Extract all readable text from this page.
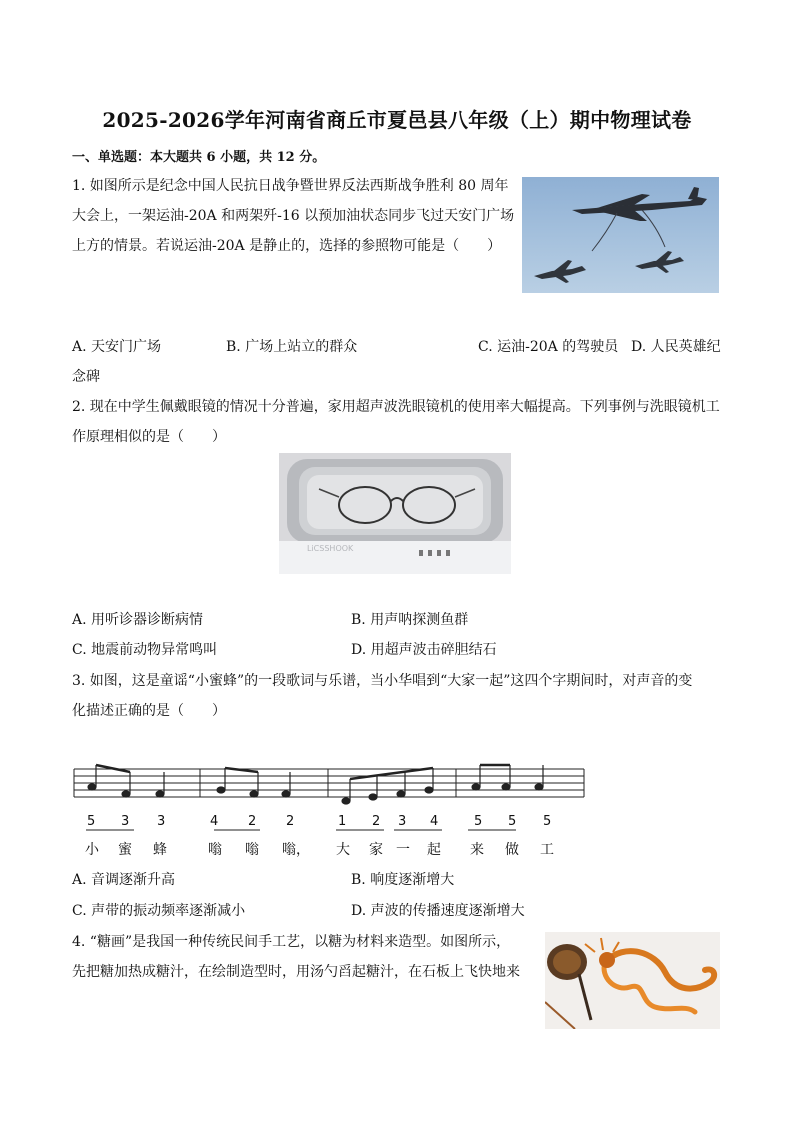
2025-2026学年河南省商丘市夏邑县八年级（上）期中物理试卷
一、单选题：本大题共 6 小题，共 12 分。
1. 如图所示是纪念中国人民抗日战争暨世界反法西斯战争胜利 80 周年
大会上，一架运油-20A 和两架歼-16 以预加油状态同步飞过天安门广场
上方的情景。若说运油-20A 是静止的，选择的参照物可能是（　　）
A. 天安门广场	B. 广场上站立的群众	C. 运油-20A 的驾驶员 D. 人民英雄纪
念碑
2. 现在中学生佩戴眼镜的情况十分普遍，家用超声波洗眼镜机的使用率大幅提高。下列事例与洗眼镜机工
作原理相似的是（　　）
LiCSSHOOK
A. 用听诊器诊断病情	B. 用声呐探测鱼群
C. 地震前动物异常鸣叫	D. 用超声波击碎胆结石
3. 如图，这是童谣“小蜜蜂”的一段歌词与乐谱，当小华唱到“大家一起”这四个字期间时，对声音的变
化描述正确的是（　　）
5 3 3	4 2 2	1 2 3 4	5 5 5
小 蜜 蜂	嗡 嗡 嗡， 大 家 一 起 来 做 工
A. 音调逐渐升高	B. 响度逐渐增大
C. 声带的振动频率逐渐减小	D. 声波的传播速度逐渐增大
4. “糖画”是我国一种传统民间手工艺，以糖为材料来造型。如图所示，
先把糖加热成糖汁，在绘制造型时，用汤勺舀起糖汁，在石板上飞快地来
